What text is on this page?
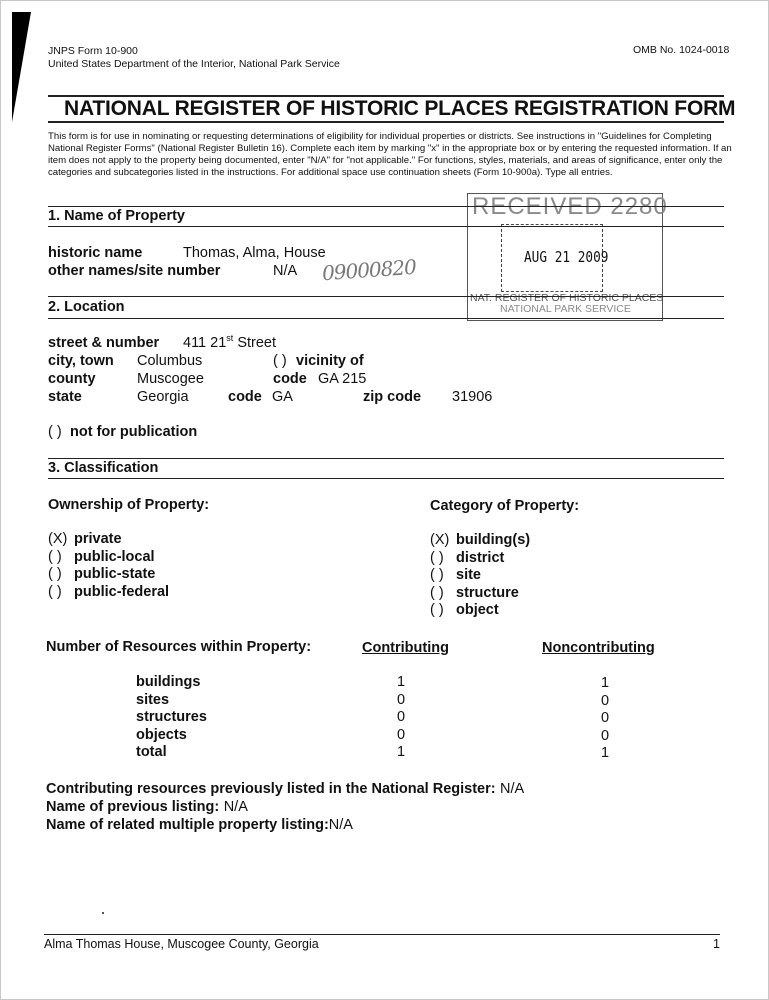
JNPS Form 10-900
United States Department of the Interior, National Park Service
OMB No. 1024-0018
NATIONAL REGISTER OF HISTORIC PLACES REGISTRATION FORM
This form is for use in nominating or requesting determinations of eligibility for individual properties or districts. See instructions in "Guidelines for Completing National Register Forms" (National Register Bulletin 16). Complete each item by marking "x" in the appropriate box or by entering the requested information. If an item does not apply to the property being documented, enter "N/A" for "not applicable." For functions, styles, materials, and areas of significance, enter only the categories and subcategories listed in the instructions. For additional space use continuation sheets (Form 10-900a). Type all entries.
RECEIVED 2280
AUG 21 2009
NAT. REGISTER OF HISTORIC PLACES
NATIONAL PARK SERVICE
1. Name of Property
historic name	Thomas, Alma, House
other names/site number	N/A 09000820
2. Location
street & number 411 21st Street
city, town Columbus	( ) vicinity of
county	Muscogee	code GA 215
state	Georgia	code GA	zip code 31906
( ) not for publication
3. Classification
Ownership of Property:
(X) private
( ) public-local
( ) public-state
( ) public-federal
Category of Property:
(X) building(s)
( ) district
( ) site
( ) structure
( ) object
Number of Resources within Property:	Contributing	Noncontributing
buildings	1	1
sites	0	0
structures	0	0
objects	0	0
total	1	1
Contributing resources previously listed in the National Register: N/A
Name of previous listing: N/A
Name of related multiple property listing:N/A
Alma Thomas House, Muscogee County, Georgia	1
